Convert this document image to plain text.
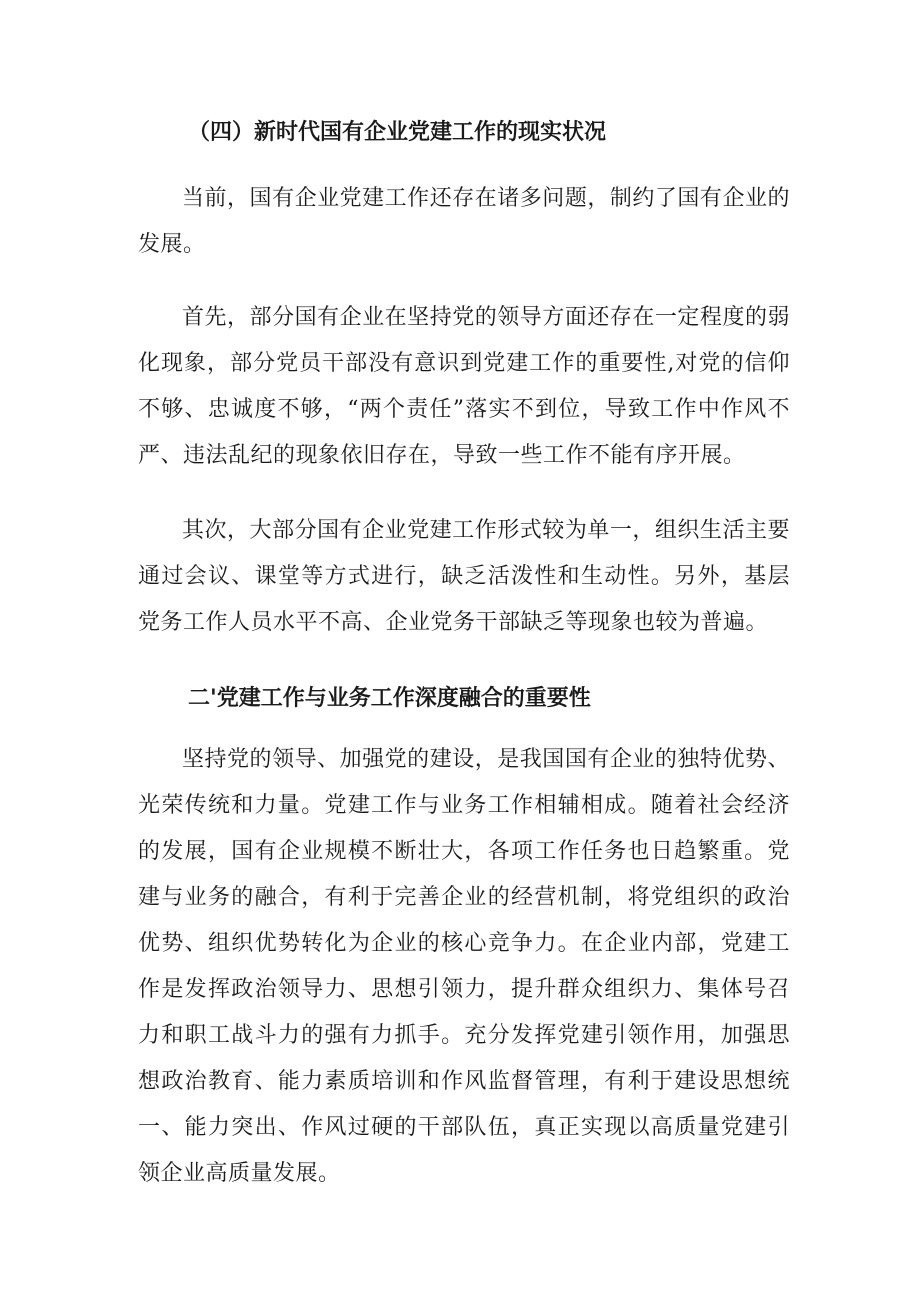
（四）新时代国有企业党建工作的现实状况
当前，国有企业党建工作还存在诸多问题，制约了国有企业的发展。
首先，部分国有企业在坚持党的领导方面还存在一定程度的弱化现象，部分党员干部没有意识到党建工作的重要性,对党的信仰不够、忠诚度不够，“两个责任”落实不到位，导致工作中作风不严、违法乱纪的现象依旧存在，导致一些工作不能有序开展。
其次，大部分国有企业党建工作形式较为单一，组织生活主要通过会议、课堂等方式进行，缺乏活泼性和生动性。另外，基层党务工作人员水平不高、企业党务干部缺乏等现象也较为普遍。
二'党建工作与业务工作深度融合的重要性
坚持党的领导、加强党的建设，是我国国有企业的独特优势、光荣传统和力量。党建工作与业务工作相辅相成。随着社会经济的发展，国有企业规模不断壮大，各项工作任务也日趋繁重。党建与业务的融合，有利于完善企业的经营机制，将党组织的政治优势、组织优势转化为企业的核心竞争力。在企业内部，党建工作是发挥政治领导力、思想引领力，提升群众组织力、集体号召力和职工战斗力的强有力抓手。充分发挥党建引领作用，加强思想政治教育、能力素质培训和作风监督管理，有利于建设思想统一、能力突出、作风过硬的干部队伍，真正实现以高质量党建引领企业高质量发展。
